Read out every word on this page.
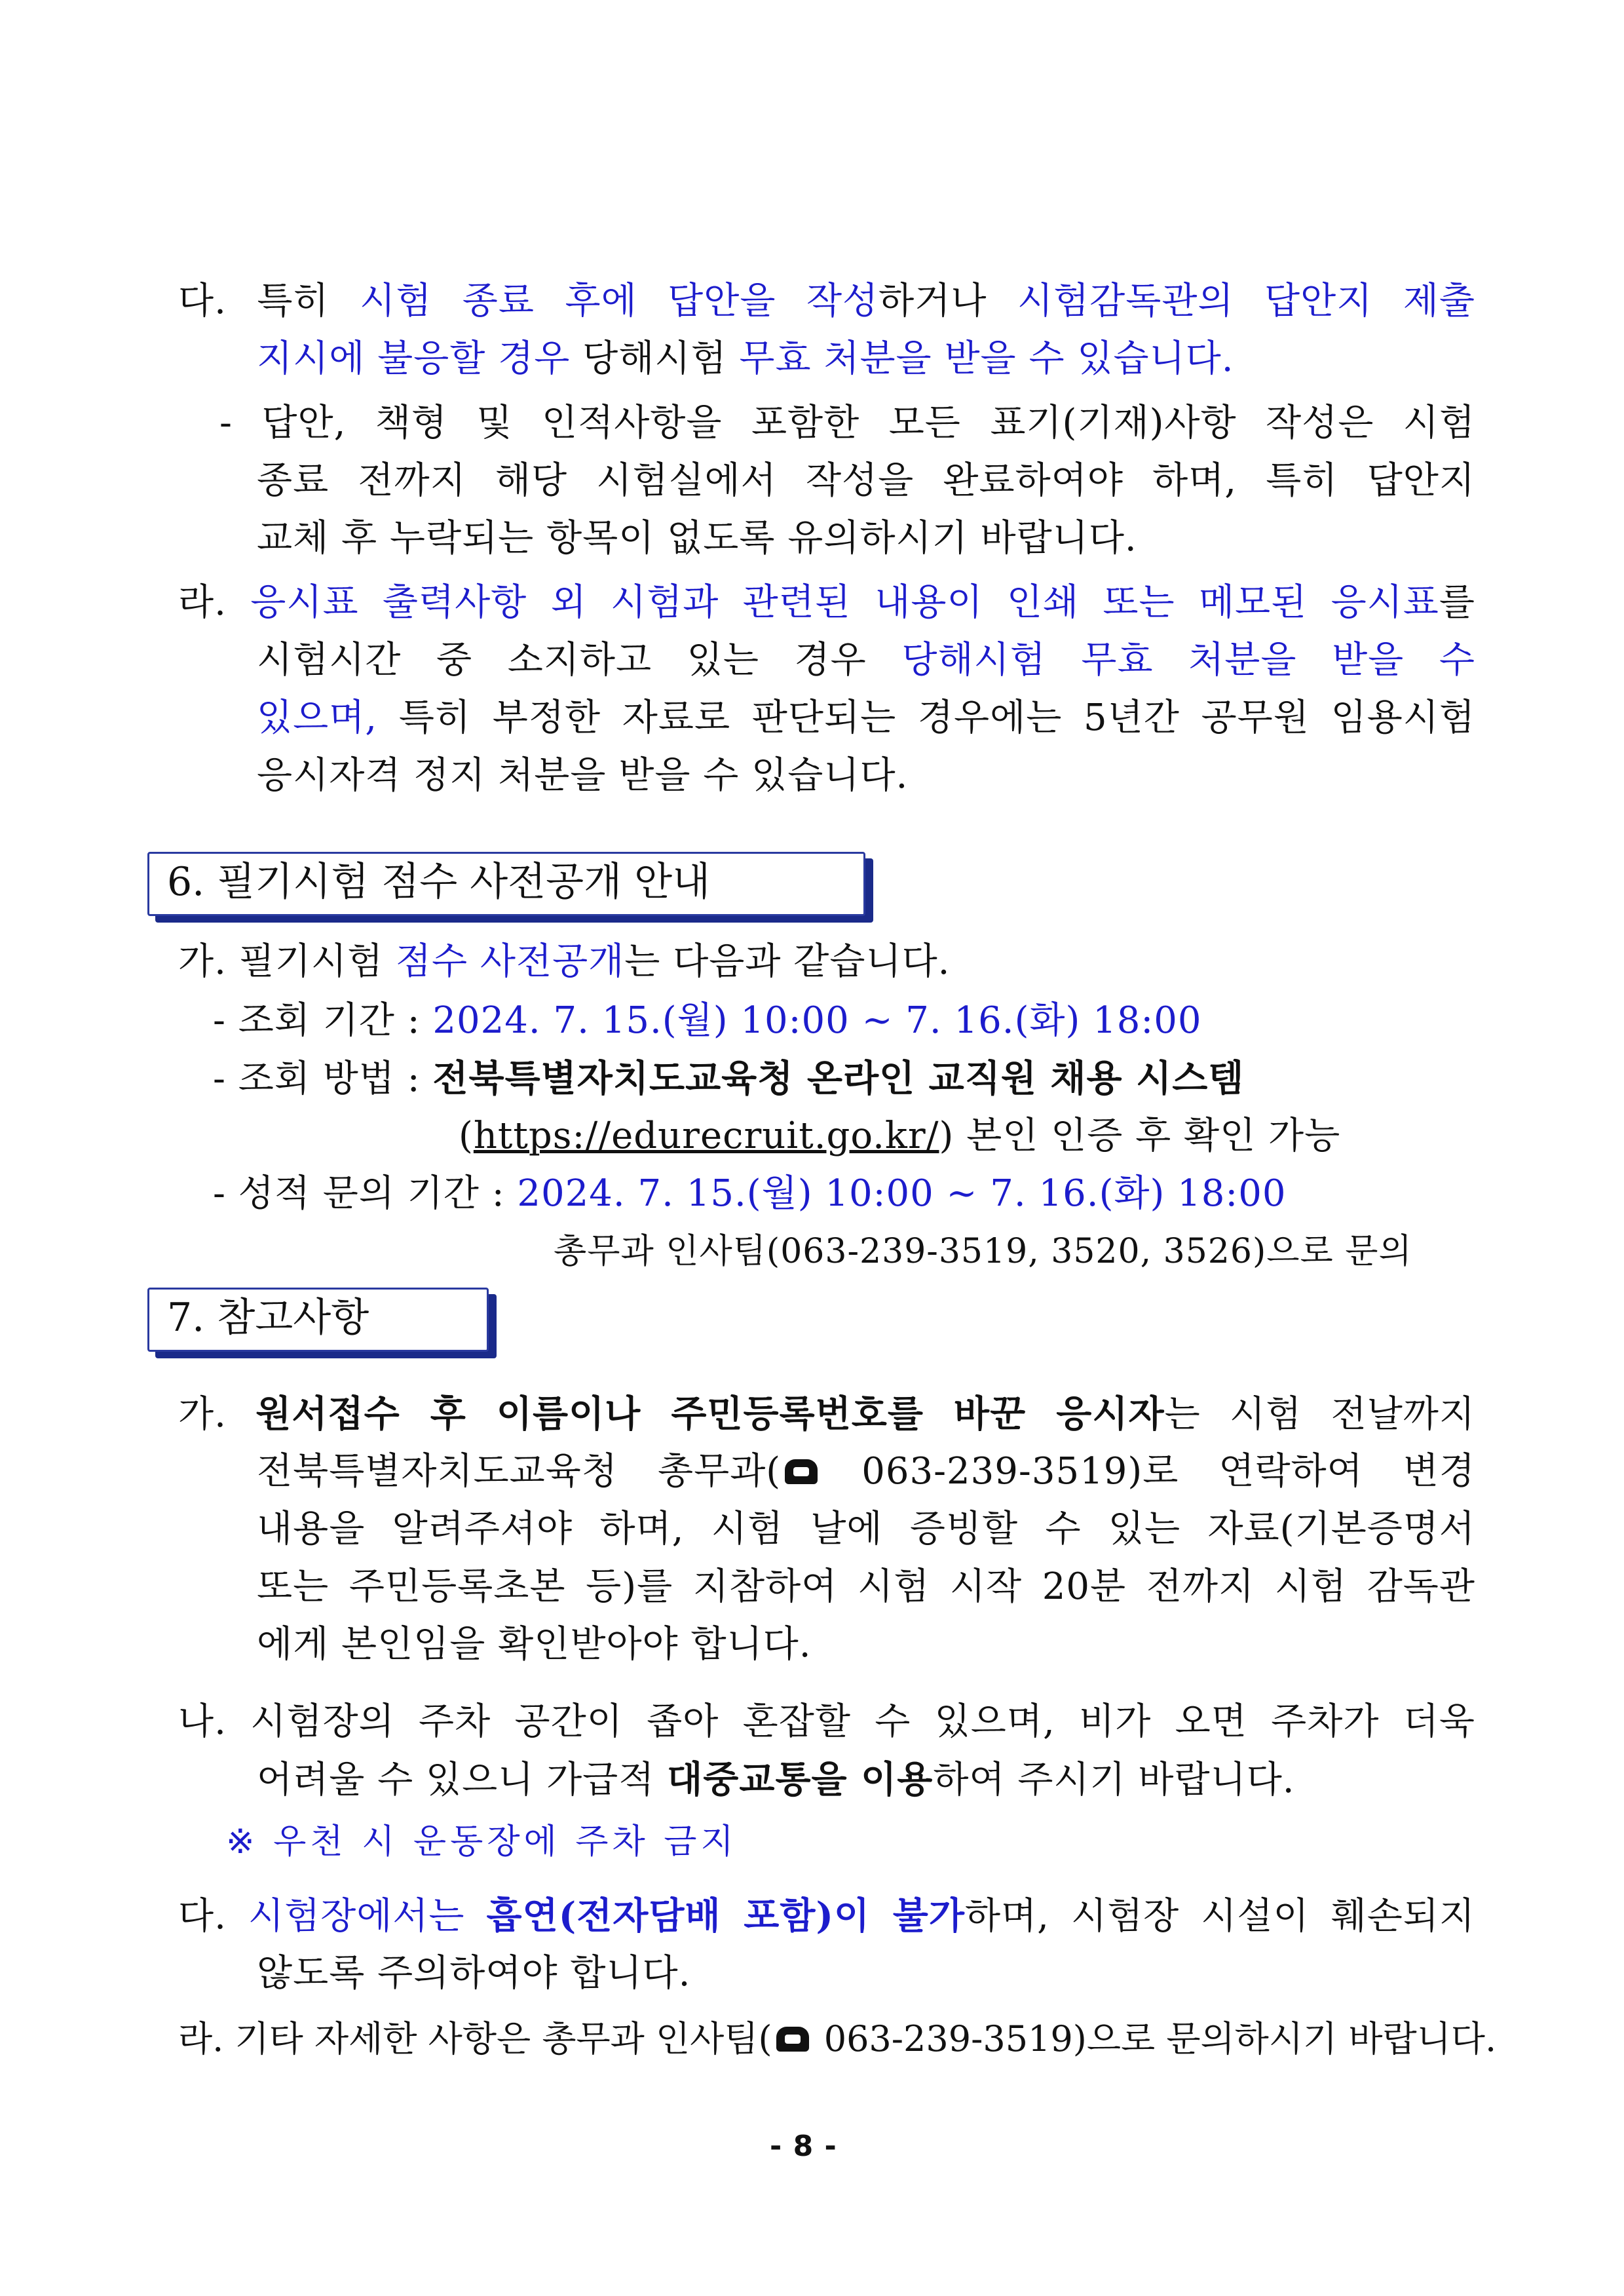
다. 특히 시험 종료 후에 답안을 작성하거나 시험감독관의 답안지 제출
지시에 불응할 경우 당해시험 무효 처분을 받을 수 있습니다.
- 답안, 책형 및 인적사항을 포함한 모든 표기(기재)사항 작성은 시험
종료 전까지 해당 시험실에서 작성을 완료하여야 하며, 특히 답안지
교체 후 누락되는 항목이 없도록 유의하시기 바랍니다.
라. 응시표 출력사항 외 시험과 관련된 내용이 인쇄 또는 메모된 응시표를
시험시간 중 소지하고 있는 경우 당해시험 무효 처분을 받을 수
있으며, 특히 부정한 자료로 판단되는 경우에는 5년간 공무원 임용시험
응시자격 정지 처분을 받을 수 있습니다.
6. 필기시험 점수 사전공개 안내
가. 필기시험 점수 사전공개는 다음과 같습니다.
- 조회 기간 : 2024. 7. 15.(월) 10:00 ~ 7. 16.(화) 18:00
- 조회 방법 : 전북특별자치도교육청 온라인 교직원 채용 시스템
(https://edurecruit.go.kr/) 본인 인증 후 확인 가능
- 성적 문의 기간 : 2024. 7. 15.(월) 10:00 ~ 7. 16.(화) 18:00
총무과 인사팀(063-239-3519, 3520, 3526)으로 문의
7. 참고사항
가. 원서접수 후 이름이나 주민등록번호를 바꾼 응시자는 시험 전날까지
전북특별자치도교육청 총무과( 063-239-3519)로 연락하여 변경
내용을 알려주셔야 하며, 시험 날에 증빙할 수 있는 자료(기본증명서
또는 주민등록초본 등)를 지참하여 시험 시작 20분 전까지 시험 감독관
에게 본인임을 확인받아야 합니다.
나. 시험장의 주차 공간이 좁아 혼잡할 수 있으며, 비가 오면 주차가 더욱
어려울 수 있으니 가급적 대중교통을 이용하여 주시기 바랍니다.
※ 우천 시 운동장에 주차 금지
다. 시험장에서는 흡연(전자담배 포함)이 불가하며, 시험장 시설이 훼손되지
않도록 주의하여야 합니다.
라. 기타 자세한 사항은 총무과 인사팀( 063-239-3519)으로 문의하시기 바랍니다.
- 8 -
